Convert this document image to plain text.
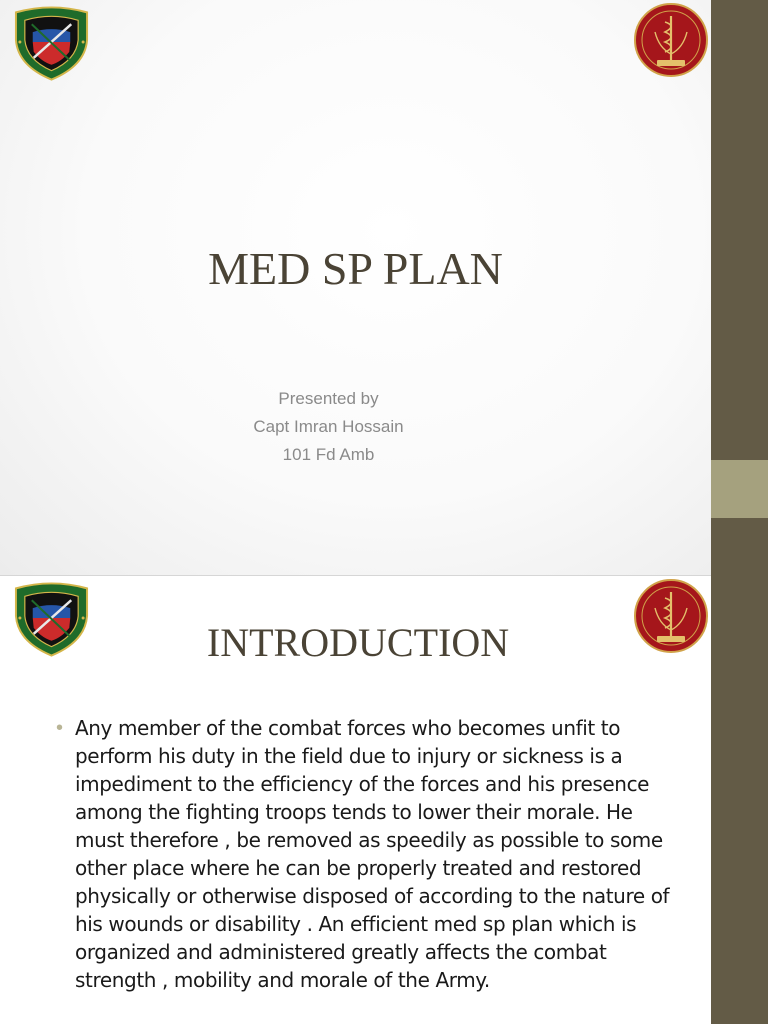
MED SP PLAN
Presented by
Capt Imran Hossain
101 Fd Amb
INTRODUCTION
• Any member of the combat forces who becomes unfit to perform his duty in the field due to injury or sickness is a impediment to the efficiency of the forces and his presence among the fighting troops tends to lower their morale. He must therefore , be removed as speedily as possible to some other place where he can be properly treated and restored physically or otherwise disposed of according to the nature of his wounds or disability . An efficient med sp plan which is organized and administered greatly affects the combat strength , mobility and morale of the Army.
